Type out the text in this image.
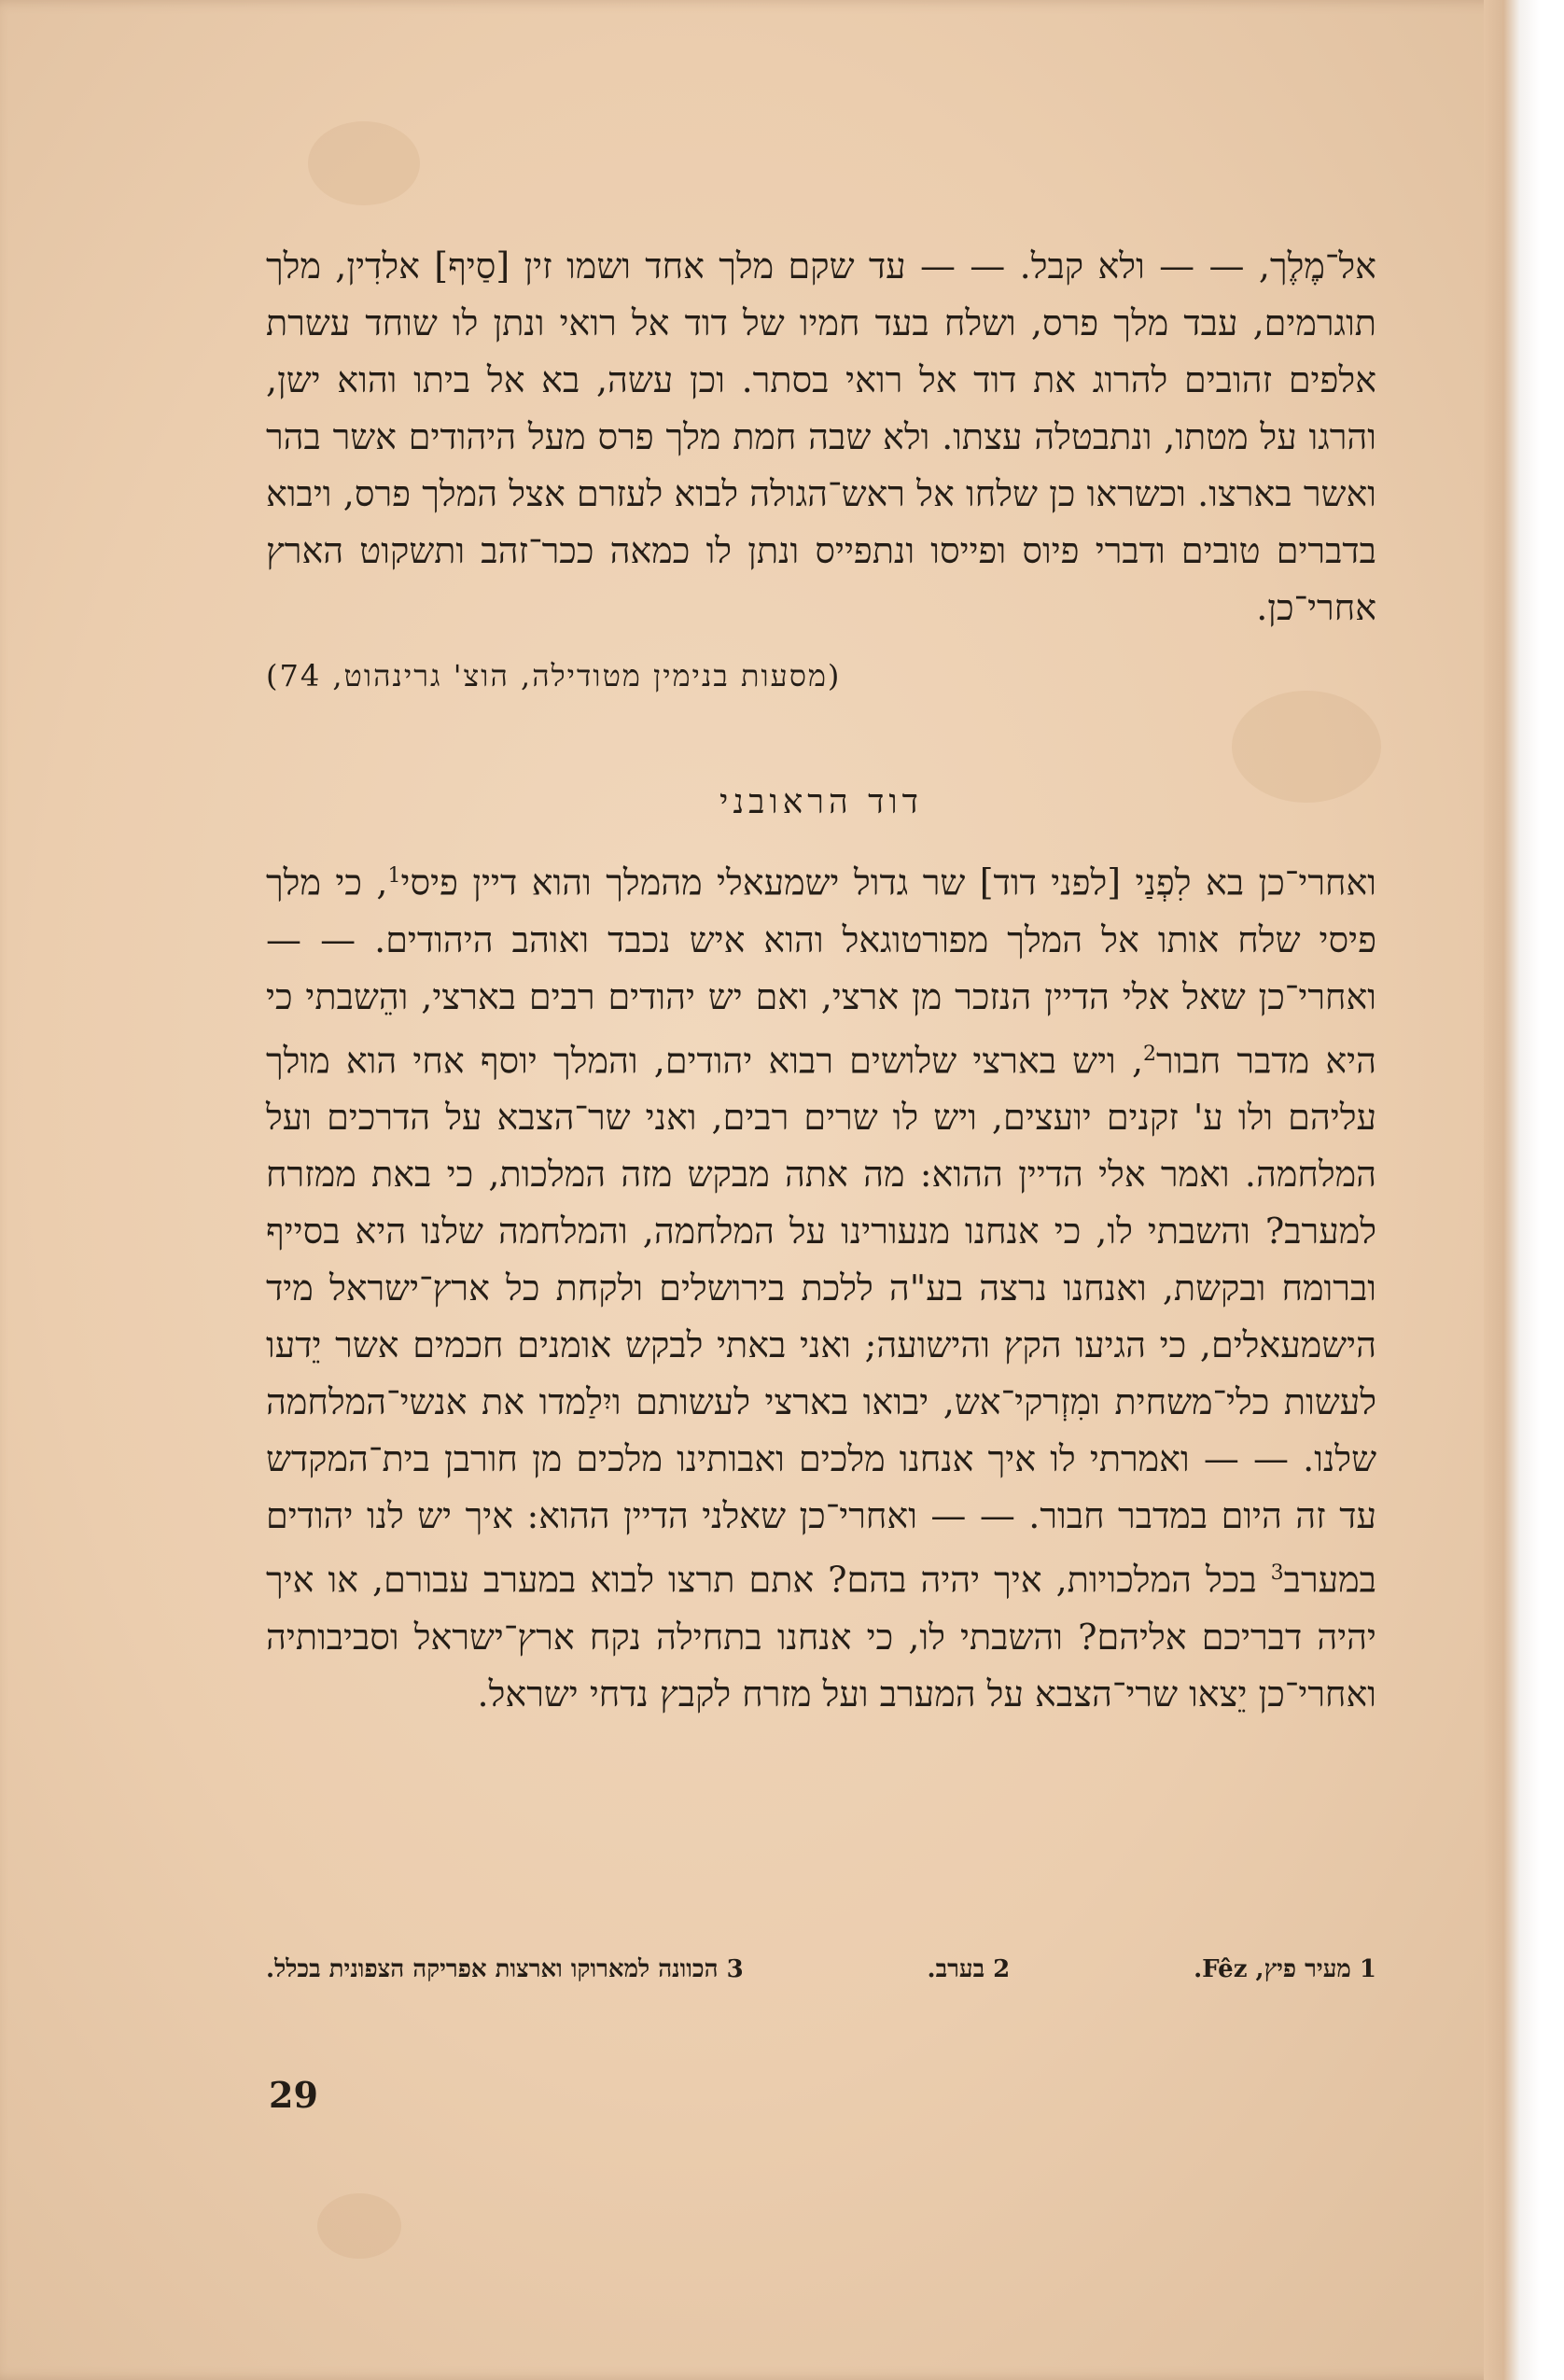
אל־מֶלֶך, — — ולא קבל. — — עד שקם מלך אחד ושמו זין [סַיף] אלדִין, מלך תוגרמים, עבד מלך פרס, ושלח בעד חמיו של דוד אל רואי ונתן לו שוחד עשרת אלפים זהובים להרוג את דוד אל רואי בסתר. וכן עשה, בא אל ביתו והוא ישן, והרגו על מטתו, ונתבטלה עצתו. ולא שבה חמת מלך פרס מעל היהודים אשר בהר ואשר בארצו. וכשראו כן שלחו אל ראש־הגולה לבוא לעזרם אצל המלך פרס, ויבוא בדברים טובים ודברי פיוס ופייסו ונתפייס ונתן לו כמאה ככר־זהב ותשקוט הארץ אחרי־כן.

(מסעות בנימין מטודילה, הוצ' גרינהוט, 74)
דוד הראובני

ואחרי־כן בא לִפְנַי [לפני דוד] שר גדול ישמעאלי מהמלך והוא דיין פיסי$^1$, כי מלך פיסי שלח אותו אל המלך מפורטוגאל והוא איש נכבד ואוהב היהודים. — — ואחרי־כן שאל אלי הדיין הנזכר מן ארצי, ואם יש יהודים רבים בארצי, והֵשבתי כי היא מדבר חבור$^2$, ויש בארצי שלושים רבוא יהודים, והמלך יוסף אחי הוא מולך עליהם ולו ע' זקנים יועצים, ויש לו שרים רבים, ואני שר־הצבא על הדרכים ועל המלחמה. ואמר אלי הדיין ההוא: מה אתה מבקש מזה המלכות, כי באת ממזרח למערב? והשבתי לו, כי אנחנו מנעורינו על המלחמה, והמלחמה שלנו היא בסייף וברומח ובקשת, ואנחנו נרצה בע"ה ללכת בירושלים ולקחת כל ארץ־ישראל מיד הישמעאלים, כי הגיעו הקץ והישועה; ואני באתי לבקש אומנים חכמים אשר יֵדעו לעשות כלי־משחית ומִזְרקי־אש, יבואו בארצי לעשותם ויִלַמדו את אנשי־המלחמה שלנו. — — ואמרתי לו איך אנחנו מלכים ואבותינו מלכים מן חורבן בית־המקדש עד זה היום במדבר חבור. — — ואחרי־כן שאלני הדיין ההוא: איך יש לנו יהודים במערב$^3$ בכל המלכויות, איך יהיה בהם? אתם תרצו לבוא במערב עבורם, או איך יהיה דבריכם אליהם? והשבתי לו, כי אנחנו בתחילה נקח ארץ־ישראל וסביבותיה ואחרי־כן יֵצאו שרי־הצבא על המערב ועל מזרח לקבץ נדחי ישראל.

1 מעיר פיץ, Fêz.
2 בערב.
3 הכוונה למארוקו וארצות אפריקה הצפונית בכלל.
29
